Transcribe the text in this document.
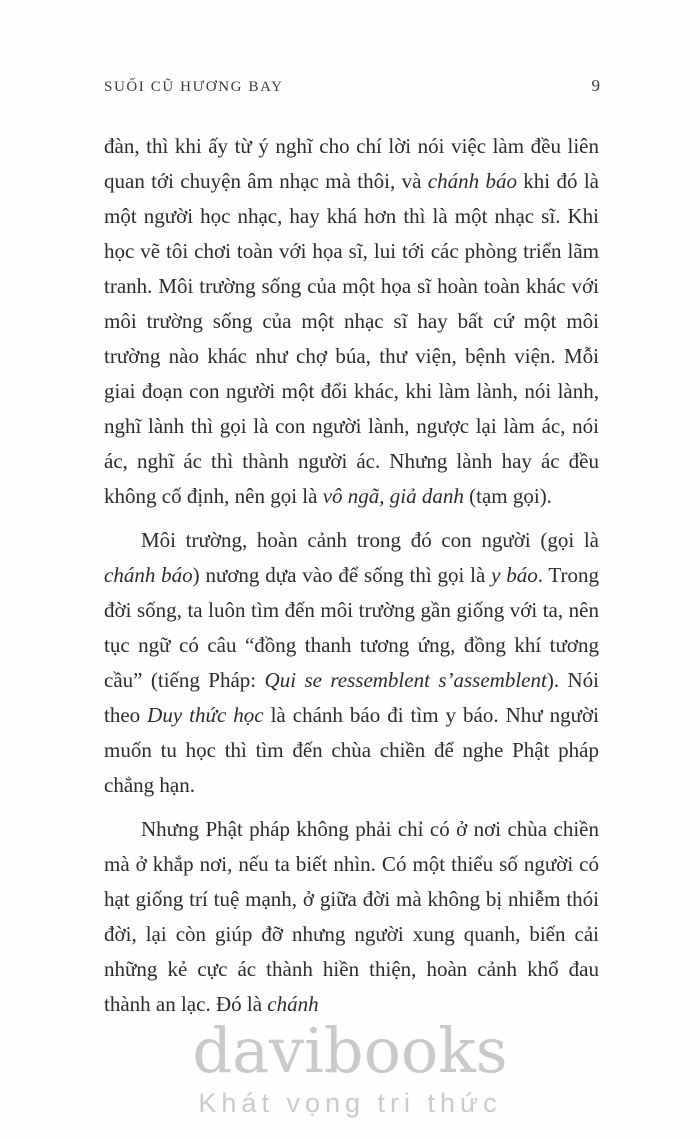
SUỐI CŨ HƯƠNG BAY	9

đàn, thì khi ấy từ ý nghĩ cho chí lời nói việc làm đều liên quan tới chuyện âm nhạc mà thôi, và chánh báo khi đó là một người học nhạc, hay khá hơn thì là một nhạc sĩ. Khi học vẽ tôi chơi toàn với họa sĩ, lui tới các phòng triển lãm tranh. Môi trường sống của một họa sĩ hoàn toàn khác với môi trường sống của một nhạc sĩ hay bất cứ một môi trường nào khác như chợ búa, thư viện, bệnh viện. Mỗi giai đoạn con người một đổi khác, khi làm lành, nói lành, nghĩ lành thì gọi là con người lành, ngược lại làm ác, nói ác, nghĩ ác thì thành người ác. Nhưng lành hay ác đều không cố định, nên gọi là vô ngã, giả danh (tạm gọi).

Môi trường, hoàn cảnh trong đó con người (gọi là chánh báo) nương dựa vào để sống thì gọi là y báo. Trong đời sống, ta luôn tìm đến môi trường gần giống với ta, nên tục ngữ có câu “đồng thanh tương ứng, đồng khí tương cầu” (tiếng Pháp: Qui se ressemblent s’assemblent). Nói theo Duy thức học là chánh báo đi tìm y báo. Như người muốn tu học thì tìm đến chùa chiền để nghe Phật pháp chẳng hạn.

Nhưng Phật pháp không phải chỉ có ở nơi chùa chiền mà ở khắp nơi, nếu ta biết nhìn. Có một thiểu số người có hạt giống trí tuệ mạnh, ở giữa đời mà không bị nhiễm thói đời, lại còn giúp đỡ nhưng người xung quanh, biến cải những kẻ cực ác thành hiền thiện, hoàn cảnh khổ đau thành an lạc. Đó là chánh

davibooks
Khát vọng tri thức
